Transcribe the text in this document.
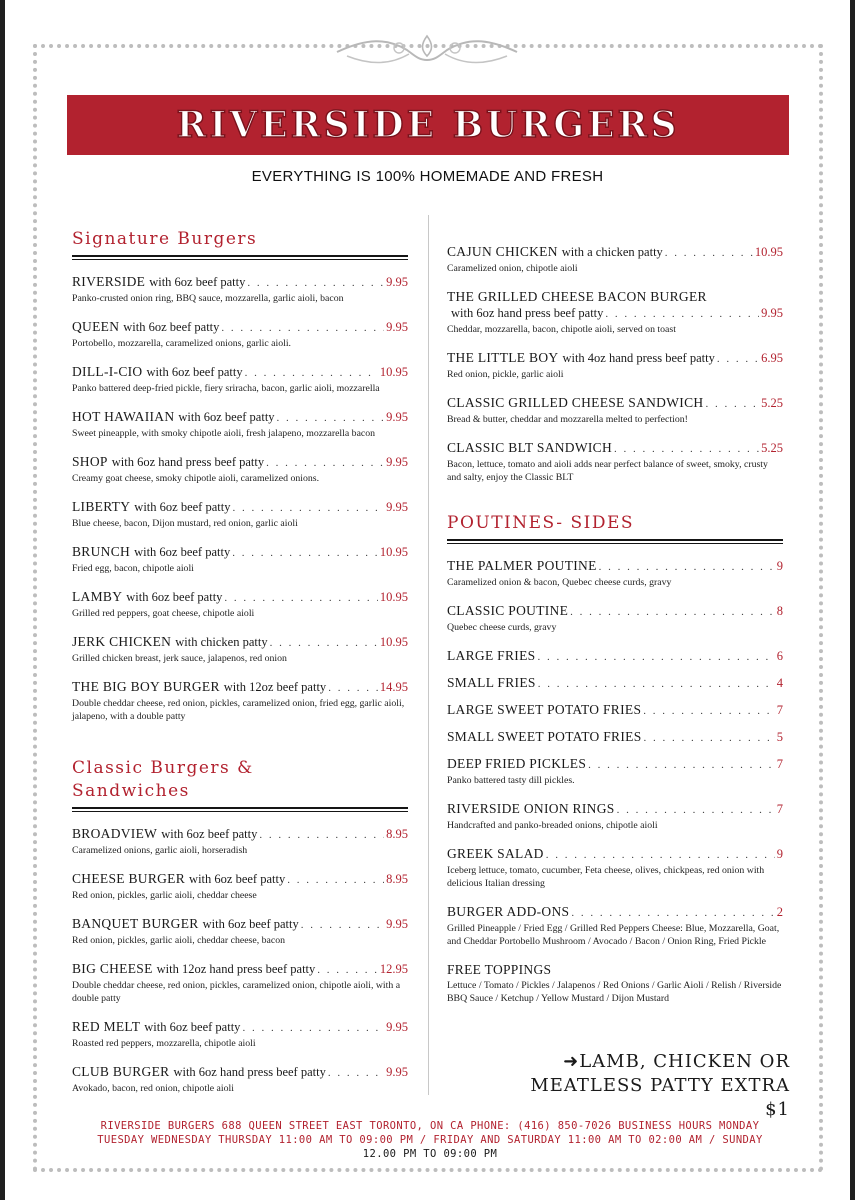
RIVERSIDE BURGERS
EVERYTHING IS 100% HOMEMADE AND FRESH
Signature Burgers
RIVERSIDE with 6oz beef patty . . .	9.95
Panko-crusted onion ring, BBQ sauce, mozzarella, garlic aioli, bacon
QUEEN with 6oz beef patty . . .	9.95
Portobello, mozzarella, caramelized onions, garlic aioli.
DILL-I-CIO with 6oz beef patty . . .	10.95
Panko battered deep-fried pickle, fiery sriracha, bacon, garlic aioli, mozzarella
HOT HAWAIIAN with 6oz beef patty . . .	9.95
Sweet pineapple, with smoky chipotle aioli, fresh jalapeno, mozzarella bacon
SHOP with 6oz hand press beef patty . . .	9.95
Creamy goat cheese, smoky chipotle aioli, caramelized onions.
LIBERTY with 6oz beef patty . . .	9.95
Blue cheese, bacon, Dijon mustard, red onion, garlic aioli
BRUNCH with 6oz beef patty . . .	10.95
Fried egg, bacon, chipotle aioli
LAMBY with 6oz beef patty . . .	10.95
Grilled red peppers, goat cheese, chipotle aioli
JERK CHICKEN with chicken patty . . .	10.95
Grilled chicken breast, jerk sauce, jalapenos, red onion
THE BIG BOY BURGER with 12oz beef patty . . .	14.95
Double cheddar cheese, red onion, pickles, caramelized onion, fried egg, garlic aioli, jalapeno, with a double patty
Classic Burgers &
Sandwiches
BROADVIEW with 6oz beef patty . . .	8.95
Caramelized onions, garlic aioli, horseradish
CHEESE BURGER with 6oz beef patty . . .	8.95
Red onion, pickles, garlic aioli, cheddar cheese
BANQUET BURGER with 6oz beef patty . . .	9.95
Red onion, pickles, garlic aioli, cheddar cheese, bacon
BIG CHEESE with 12oz hand press beef patty . . .	12.95
Double cheddar cheese, red onion, pickles, caramelized onion, chipotle aioli, with a double patty
RED MELT with 6oz beef patty . . .	9.95
Roasted red peppers, mozzarella, chipotle aioli
CLUB BURGER with 6oz hand press beef patty . . .	9.95
Avokado, bacon, red onion, chipotle aioli
CAJUN CHICKEN with a chicken patty . . .	10.95
Caramelized onion, chipotle aioli
THE GRILLED CHEESE BACON BURGER
with 6oz hand press beef patty . . .	9.95
Cheddar, mozzarella, bacon, chipotle aioli, served on toast
THE LITTLE BOY with 4oz hand press beef patty . . .	6.95
Red onion, pickle, garlic aioli
CLASSIC GRILLED CHEESE SANDWICH . . .	5.25
Bread & butter, cheddar and mozzarella melted to perfection!
CLASSIC BLT SANDWICH . . .	5.25
Bacon, lettuce, tomato and aioli adds near perfect balance of sweet, smoky, crusty and salty, enjoy the Classic BLT
POUTINES- SIDES
THE PALMER POUTINE . . .	9
Caramelized onion & bacon, Quebec cheese curds, gravy
CLASSIC POUTINE . . .	8
Quebec cheese curds, gravy
LARGE FRIES . . .	6
SMALL FRIES . . .	4
LARGE SWEET POTATO FRIES . . .	7
SMALL SWEET POTATO FRIES . . .	5
DEEP FRIED PICKLES . . .	7
Panko battered tasty dill pickles.
RIVERSIDE ONION RINGS . . .	7
Handcrafted and panko-breaded onions, chipotle aioli
GREEK SALAD . . .	9
Iceberg lettuce, tomato, cucumber, Feta cheese, olives, chickpeas, red onion with delicious Italian dressing
BURGER ADD-ONS . . .	2
Grilled Pineapple / Fried Egg / Grilled Red Peppers Cheese: Blue, Mozzarella, Goat, and Cheddar Portobello Mushroom / Avocado / Bacon / Onion Ring, Fried Pickle
FREE TOPPINGS
Lettuce / Tomato / Pickles / Jalapenos / Red Onions / Garlic Aioli / Relish / Riverside BBQ Sauce / Ketchup / Yellow Mustard / Dijon Mustard
➜LAMB, CHICKEN OR
MEATLESS PATTY EXTRA $1
RIVERSIDE BURGERS 688 QUEEN STREET EAST TORONTO, ON CA PHONE: (416) 850-7026 BUSINESS HOURS MONDAY TUESDAY WEDNESDAY THURSDAY 11:00 AM TO 09:00 PM / FRIDAY AND SATURDAY 11:00 AM TO 02:00 AM / SUNDAY 12.00 PM TO 09:00 PM
